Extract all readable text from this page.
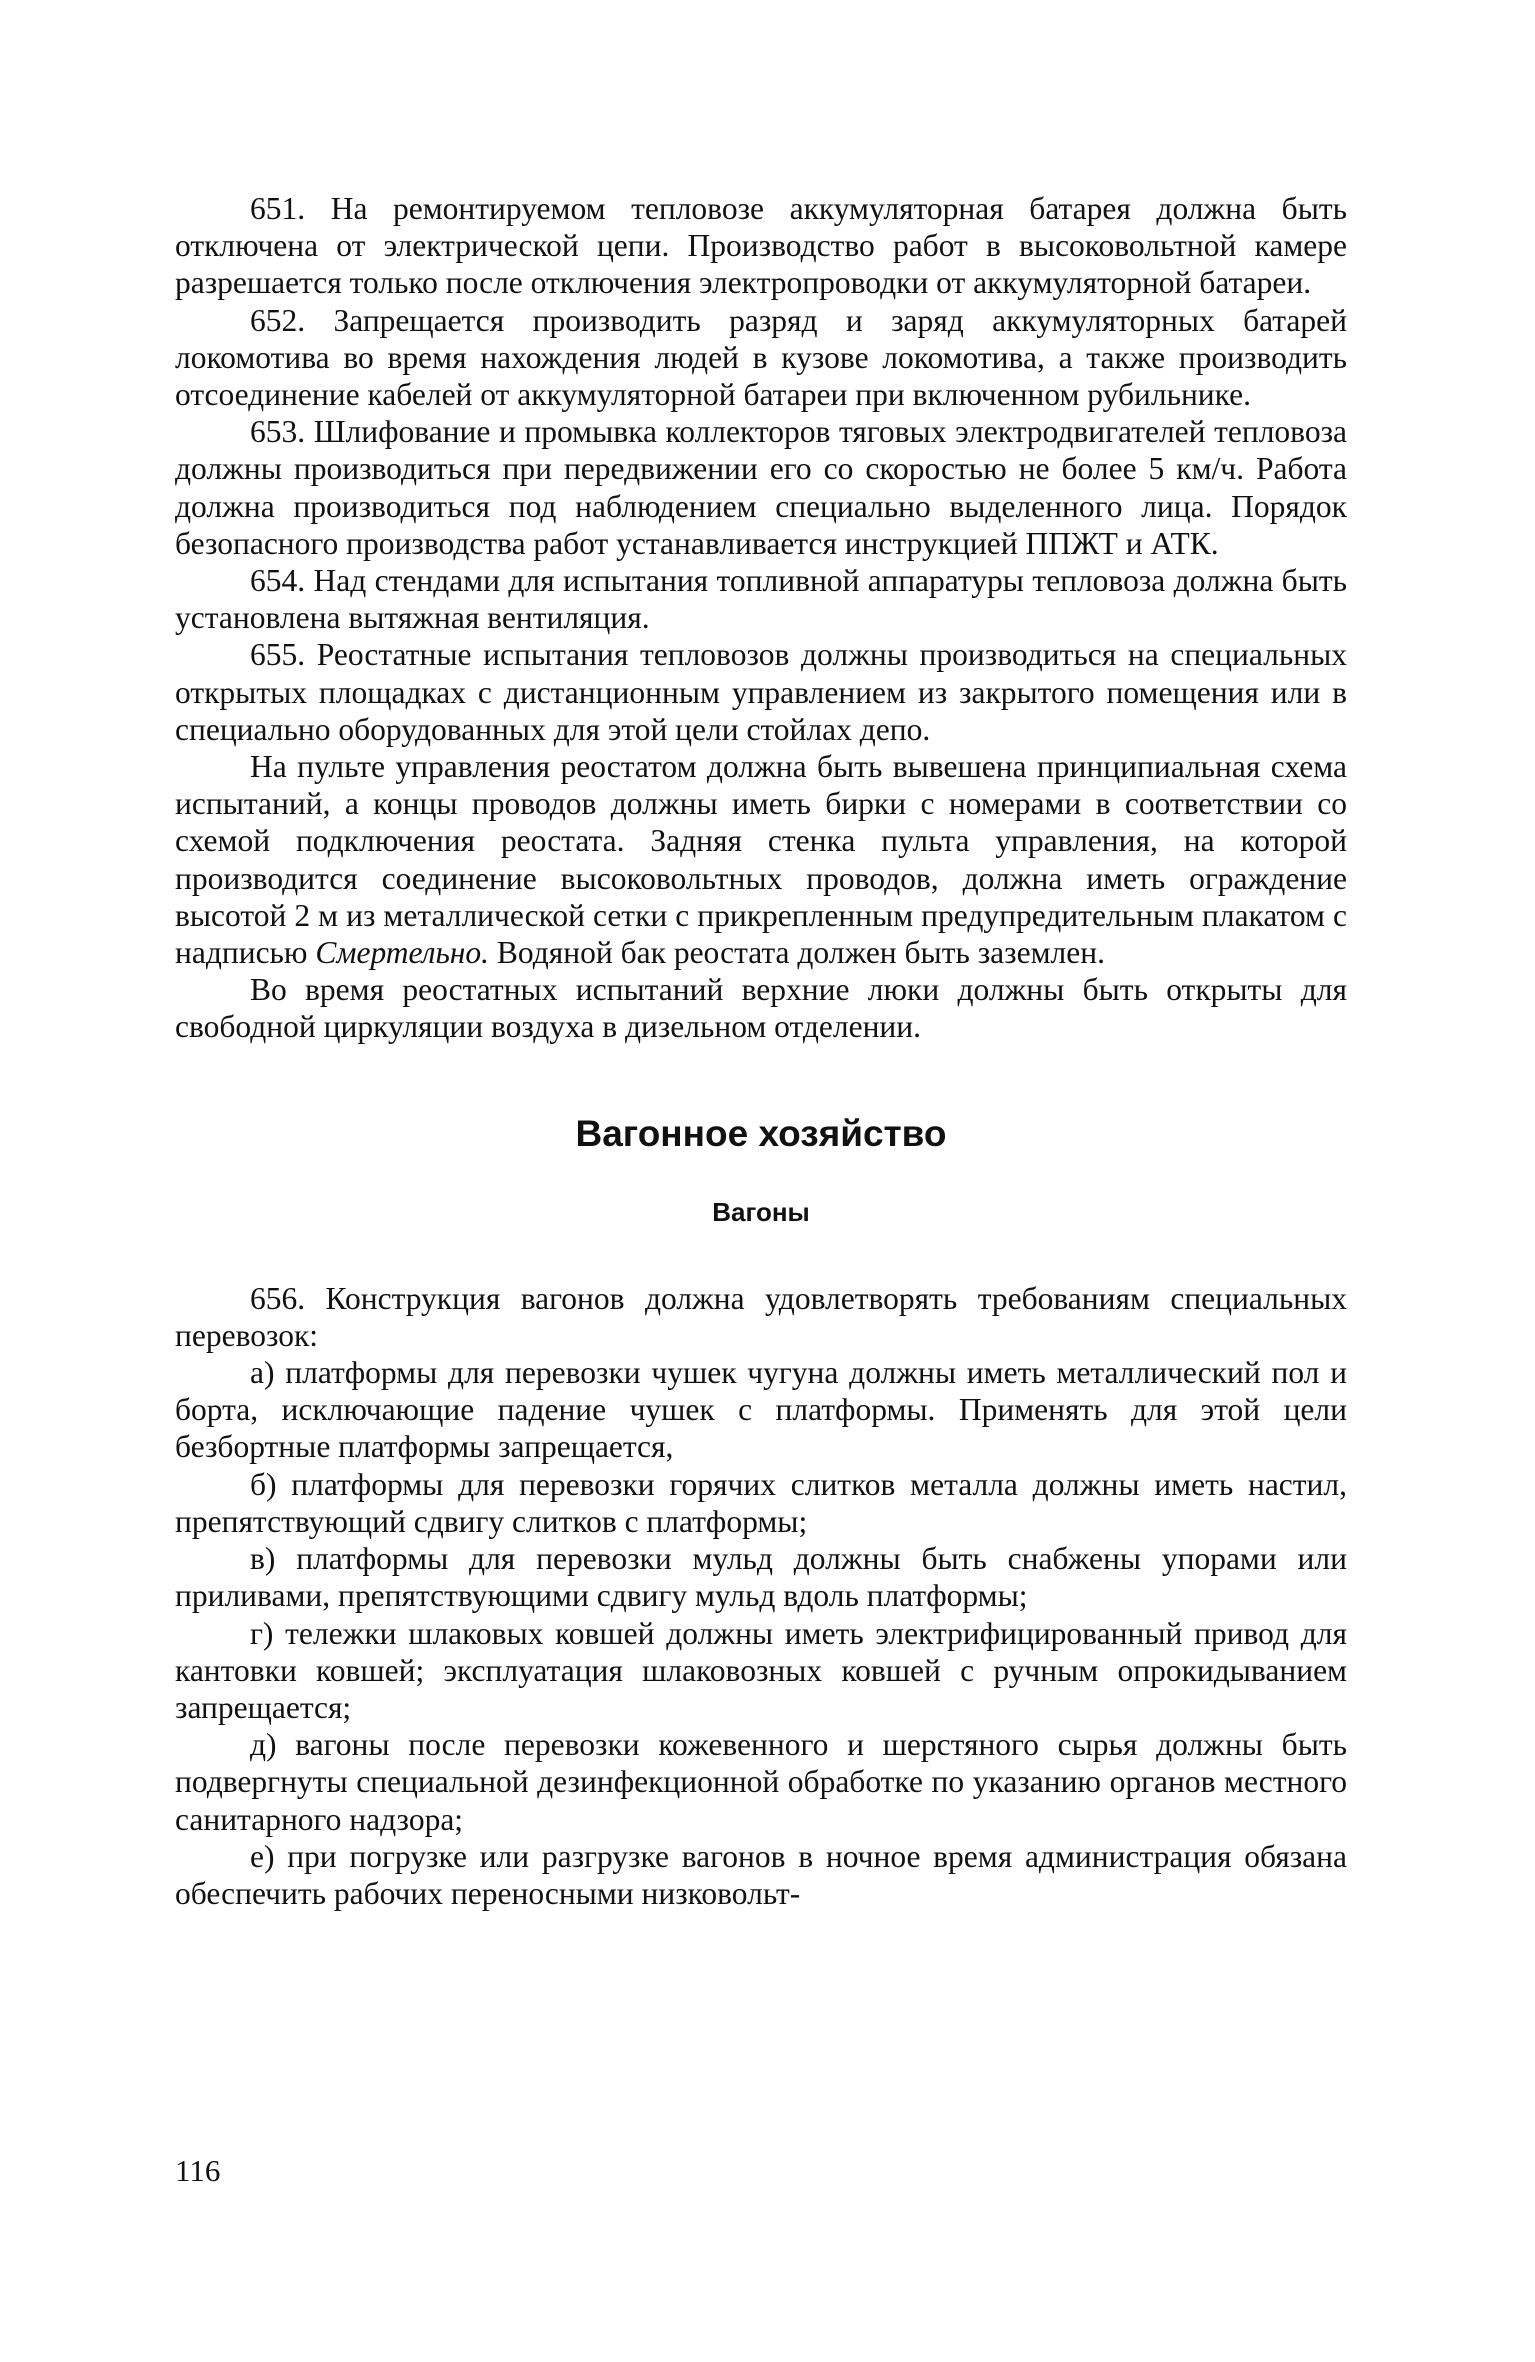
651. На ремонтируемом тепловозе аккумуляторная батарея должна быть отключена от электрической цепи. Производство работ в высоковольтной камере разрешается только после отключения электропроводки от аккумуляторной батареи.

652. Запрещается производить разряд и заряд аккумуляторных батарей локомотива во время нахождения людей в кузове локомотива, а также производить отсоединение кабелей от аккумуляторной батареи при включенном рубильнике.

653. Шлифование и промывка коллекторов тяговых электродвигателей тепловоза должны производиться при передвижении его со скоростью не более 5 км/ч. Работа должна производиться под наблюдением специально выделенного лица. Порядок безопасного производства работ устанавливается инструкцией ППЖТ и АТК.

654. Над стендами для испытания топливной аппаратуры тепловоза должна быть установлена вытяжная вентиляция.

655. Реостатные испытания тепловозов должны производиться на специальных открытых площадках с дистанционным управлением из закрытого помещения или в специально оборудованных для этой цели стойлах депо.

На пульте управления реостатом должна быть вывешена принципиальная схема испытаний, а концы проводов должны иметь бирки с номерами в соответствии со схемой подключения реостата. Задняя стенка пульта управления, на которой производится соединение высоковольтных проводов, должна иметь ограждение высотой 2 м из металлической сетки с прикрепленным предупредительным плакатом с надписью Смертельно. Водяной бак реостата должен быть заземлен.

Во время реостатных испытаний верхние люки должны быть открыты для свободной циркуляции воздуха в дизельном отделении.

Вагонное хозяйство
Вагоны

656. Конструкция вагонов должна удовлетворять требованиям специальных перевозок:

а) платформы для перевозки чушек чугуна должны иметь металлический пол и борта, исключающие падение чушек с платформы. Применять для этой цели безбортные платформы запрещается,

б) платформы для перевозки горячих слитков металла должны иметь настил, препятствующий сдвигу слитков с платформы;

в) платформы для перевозки мульд должны быть снабжены упорами или приливами, препятствующими сдвигу мульд вдоль платформы;

г) тележки шлаковых ковшей должны иметь электрифицированный привод для кантовки ковшей; эксплуатация шлаковозных ковшей с ручным опрокидыванием запрещается;

д) вагоны после перевозки кожевенного и шерстяного сырья должны быть подвергнуты специальной дезинфекционной обработке по указанию органов местного санитарного надзора;

е) при погрузке или разгрузке вагонов в ночное время администрация обязана обеспечить рабочих переносными низковольт-

116
